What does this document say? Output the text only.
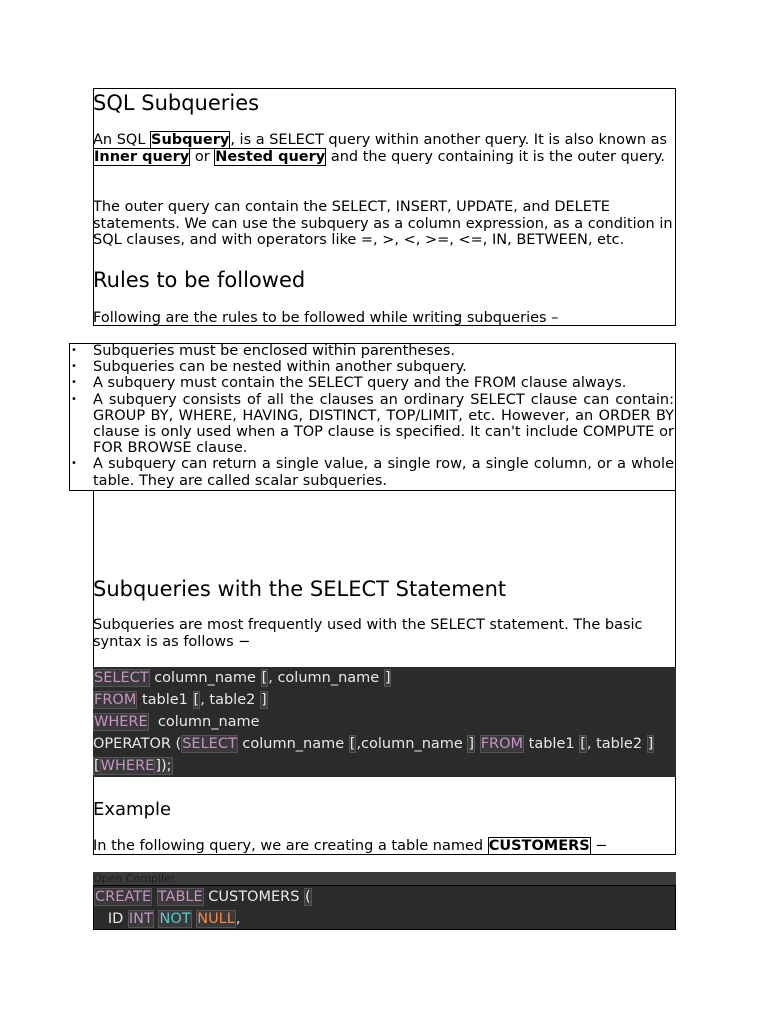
SQL Subqueries

An SQL Subquery, is a SELECT query within another query. It is also known as Inner query or Nested query and the query containing it is the outer query.

The outer query can contain the SELECT, INSERT, UPDATE, and DELETE statements. We can use the subquery as a column expression, as a condition in SQL clauses, and with operators like =, >, <, >=, <=, IN, BETWEEN, etc.

Rules to be followed

Following are the rules to be followed while writing subqueries –

• Subqueries must be enclosed within parentheses.
• Subqueries can be nested within another subquery.
• A subquery must contain the SELECT query and the FROM clause always.
• A subquery consists of all the clauses an ordinary SELECT clause can contain: GROUP BY, WHERE, HAVING, DISTINCT, TOP/LIMIT, etc. However, an ORDER BY clause is only used when a TOP clause is specified. It can't include COMPUTE or FOR BROWSE clause.
• A subquery can return a single value, a single row, a single column, or a whole table. They are called scalar subqueries.
Subqueries with the SELECT Statement

Subqueries are most frequently used with the SELECT statement. The basic syntax is as follows −

SELECT column_name [, column_name ]
FROM table1 [, table2 ]
WHERE  column_name
OPERATOR (SELECT column_name [,column_name ] FROM table1 [, table2 ]
[WHERE]);
Example

In the following query, we are creating a table named CUSTOMERS −

Open Compiler
CREATE TABLE CUSTOMERS (
ID INT NOT NULL,
